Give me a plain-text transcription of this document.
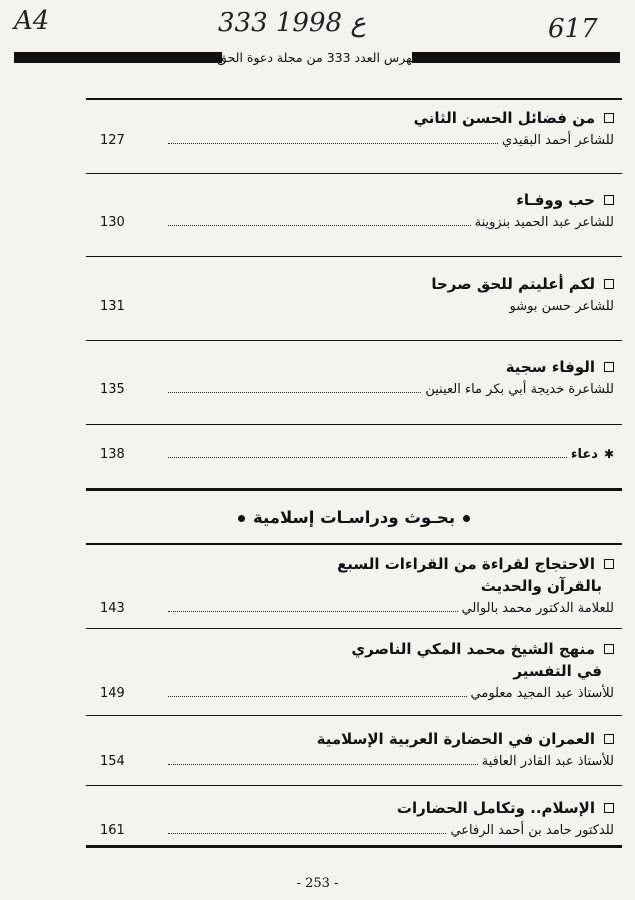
A4	333 ع 1998	617
فهرس العدد 333 من مجلة دعوة الحق
من فضائل الحسن الثاني
للشاعر أحمد البقيدي
127
حب ووفـاء
للشاعر عبد الحميد بنزوينة
130
لكم أعليتم للحق صرحا
للشاعر حسن بوشو
131
الوفاء سجية
للشاعرة خديجة أبي بكر ماء العينين
135
✱
دعاء
138
بحـوث ودراسـات إسلامية
الاحتجاج لقراءة من القراءات السبع
بالقرآن والحديث
للعلامة الدكتور محمد بالوالي
143
منهج الشيخ محمد المكي الناصري
في التفسير
للأستاذ عبد المجيد معلومي
149
العمران في الحضارة العربية الإسلامية
للأستاذ عبد القادر العافية
154
الإسلام.. وتكامل الحضارات
للدكتور حامد بن أحمد الرفاعي
161
- 253 -
